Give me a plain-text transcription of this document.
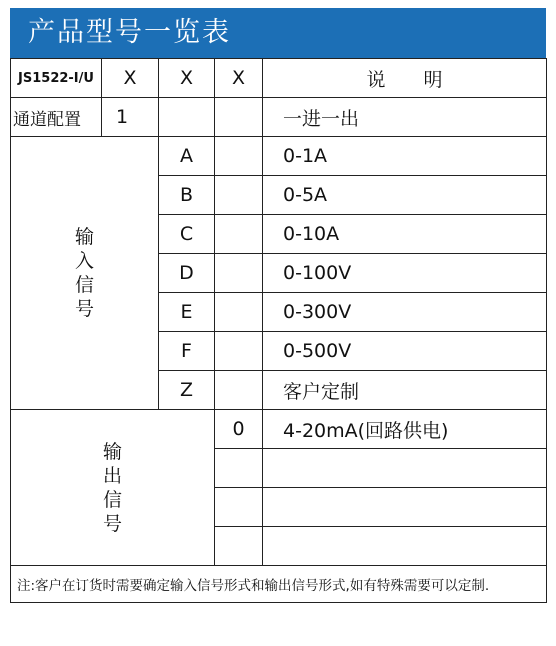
产品型号一览表
JS1522-I/U	X	X	X	说　　明
通道配置	1			一进一出

输
入
信
号		A		0-1A
		B		0-5A
		C		0-10A
		D		0-100V
		E		0-300V
		F		0-500V
		Z		客户定制

输
出
信
号			0	4-20mA(回路供电)

注:客户在订货时需要确定输入信号形式和输出信号形式,如有特殊需要可以定制.				
